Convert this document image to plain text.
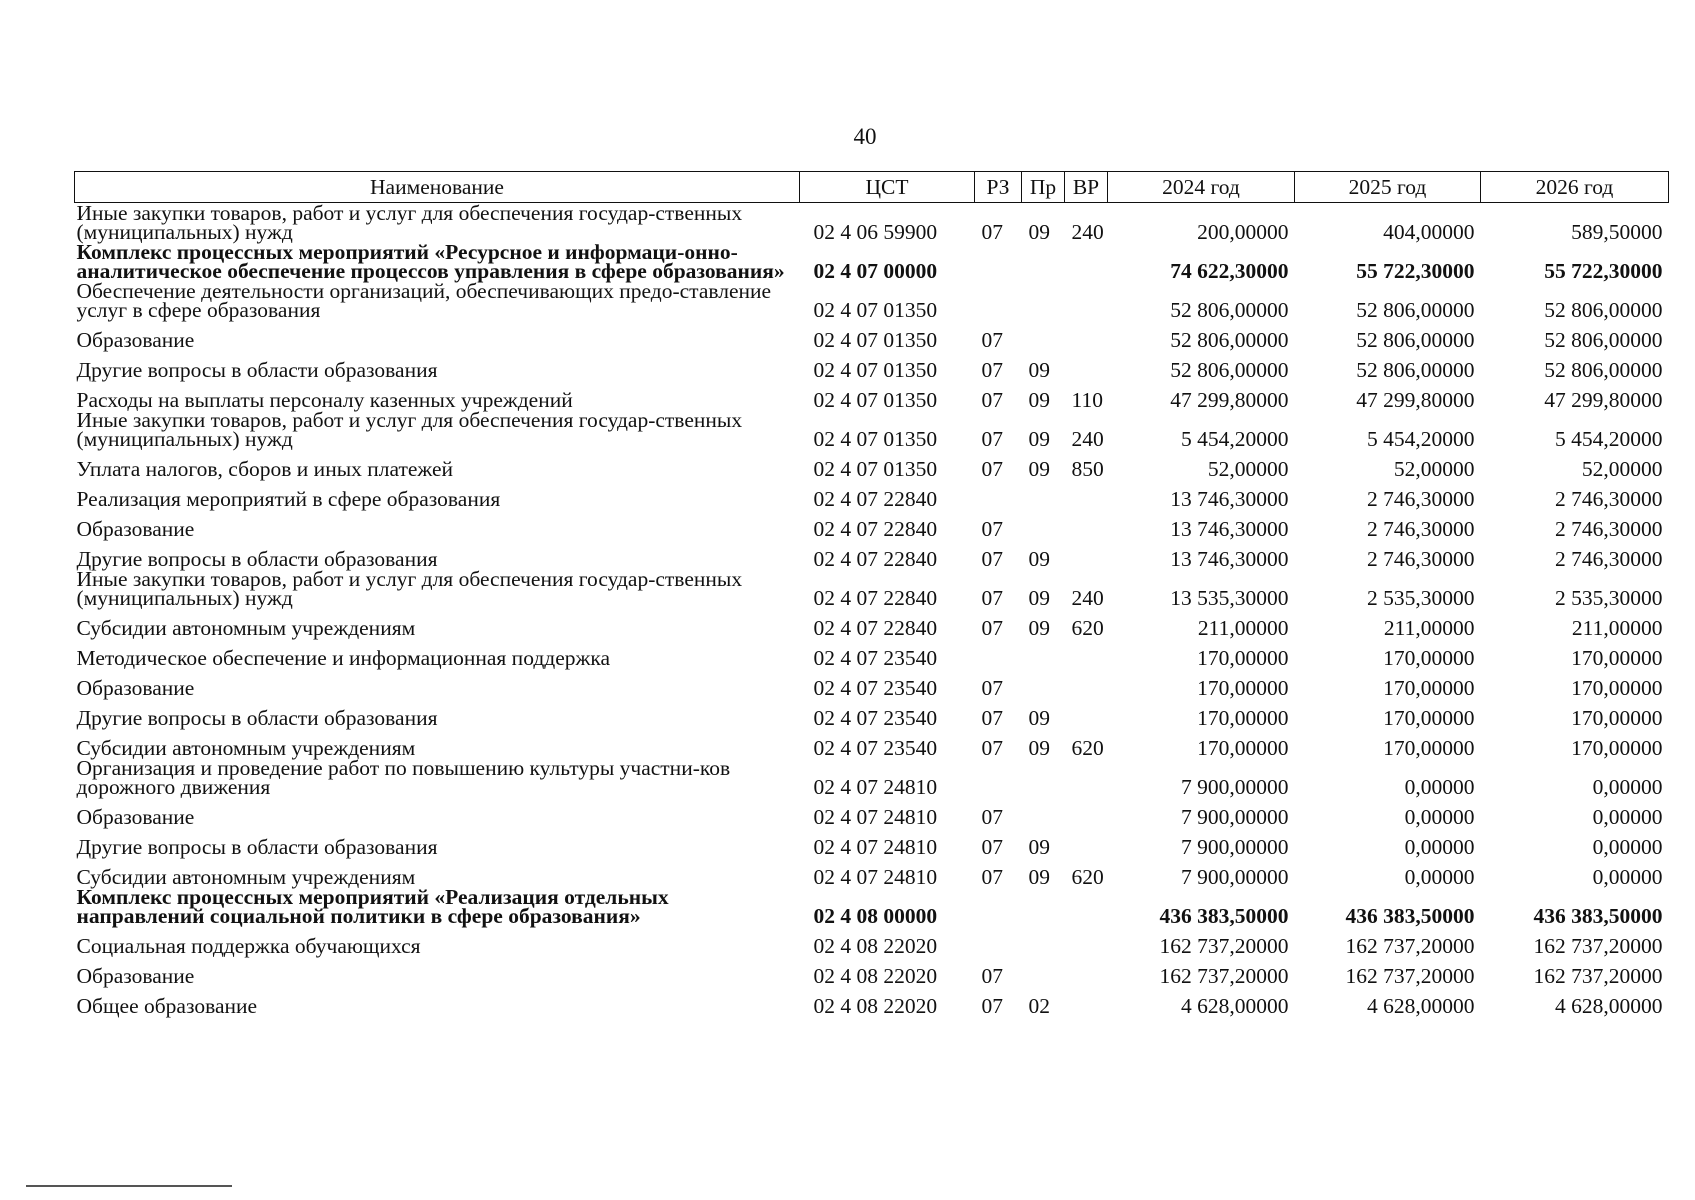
40
Наименование	ЦСТ	РЗ	Пр	ВР	2024 год	2025 год	2026 год
Иные закупки товаров, работ и услуг для обеспечения государ-ственных (муниципальных) нужд	02 4 06 59900	07	09	240	200,00000	404,00000	589,50000
Комплекс процессных мероприятий «Ресурсное и информаци-онно-аналитическое обеспечение процессов управления в сфере образования»	02 4 07 00000				74 622,30000	55 722,30000	55 722,30000
Обеспечение деятельности организаций, обеспечивающих предо-ставление услуг в сфере образования	02 4 07 01350				52 806,00000	52 806,00000	52 806,00000
Образование	02 4 07 01350	07			52 806,00000	52 806,00000	52 806,00000
Другие вопросы в области образования	02 4 07 01350	07	09		52 806,00000	52 806,00000	52 806,00000
Расходы на выплаты персоналу казенных учреждений	02 4 07 01350	07	09	110	47 299,80000	47 299,80000	47 299,80000
Иные закупки товаров, работ и услуг для обеспечения государ-ственных (муниципальных) нужд	02 4 07 01350	07	09	240	5 454,20000	5 454,20000	5 454,20000
Уплата налогов, сборов и иных платежей	02 4 07 01350	07	09	850	52,00000	52,00000	52,00000
Реализация мероприятий в сфере образования	02 4 07 22840				13 746,30000	2 746,30000	2 746,30000
Образование	02 4 07 22840	07			13 746,30000	2 746,30000	2 746,30000
Другие вопросы в области образования	02 4 07 22840	07	09		13 746,30000	2 746,30000	2 746,30000
Иные закупки товаров, работ и услуг для обеспечения государ-ственных (муниципальных) нужд	02 4 07 22840	07	09	240	13 535,30000	2 535,30000	2 535,30000
Субсидии автономным учреждениям	02 4 07 22840	07	09	620	211,00000	211,00000	211,00000
Методическое обеспечение и информационная поддержка	02 4 07 23540				170,00000	170,00000	170,00000
Образование	02 4 07 23540	07			170,00000	170,00000	170,00000
Другие вопросы в области образования	02 4 07 23540	07	09		170,00000	170,00000	170,00000
Субсидии автономным учреждениям	02 4 07 23540	07	09	620	170,00000	170,00000	170,00000
Организация и проведение работ по повышению культуры участни-ков дорожного движения	02 4 07 24810				7 900,00000	0,00000	0,00000
Образование	02 4 07 24810	07			7 900,00000	0,00000	0,00000
Другие вопросы в области образования	02 4 07 24810	07	09		7 900,00000	0,00000	0,00000
Субсидии автономным учреждениям	02 4 07 24810	07	09	620	7 900,00000	0,00000	0,00000
Комплекс процессных мероприятий «Реализация отдельных направлений социальной политики в сфере образования»	02 4 08 00000				436 383,50000	436 383,50000	436 383,50000
Социальная поддержка обучающихся	02 4 08 22020				162 737,20000	162 737,20000	162 737,20000
Образование	02 4 08 22020	07			162 737,20000	162 737,20000	162 737,20000
Общее образование	02 4 08 22020	07	02		4 628,00000	4 628,00000	4 628,00000
